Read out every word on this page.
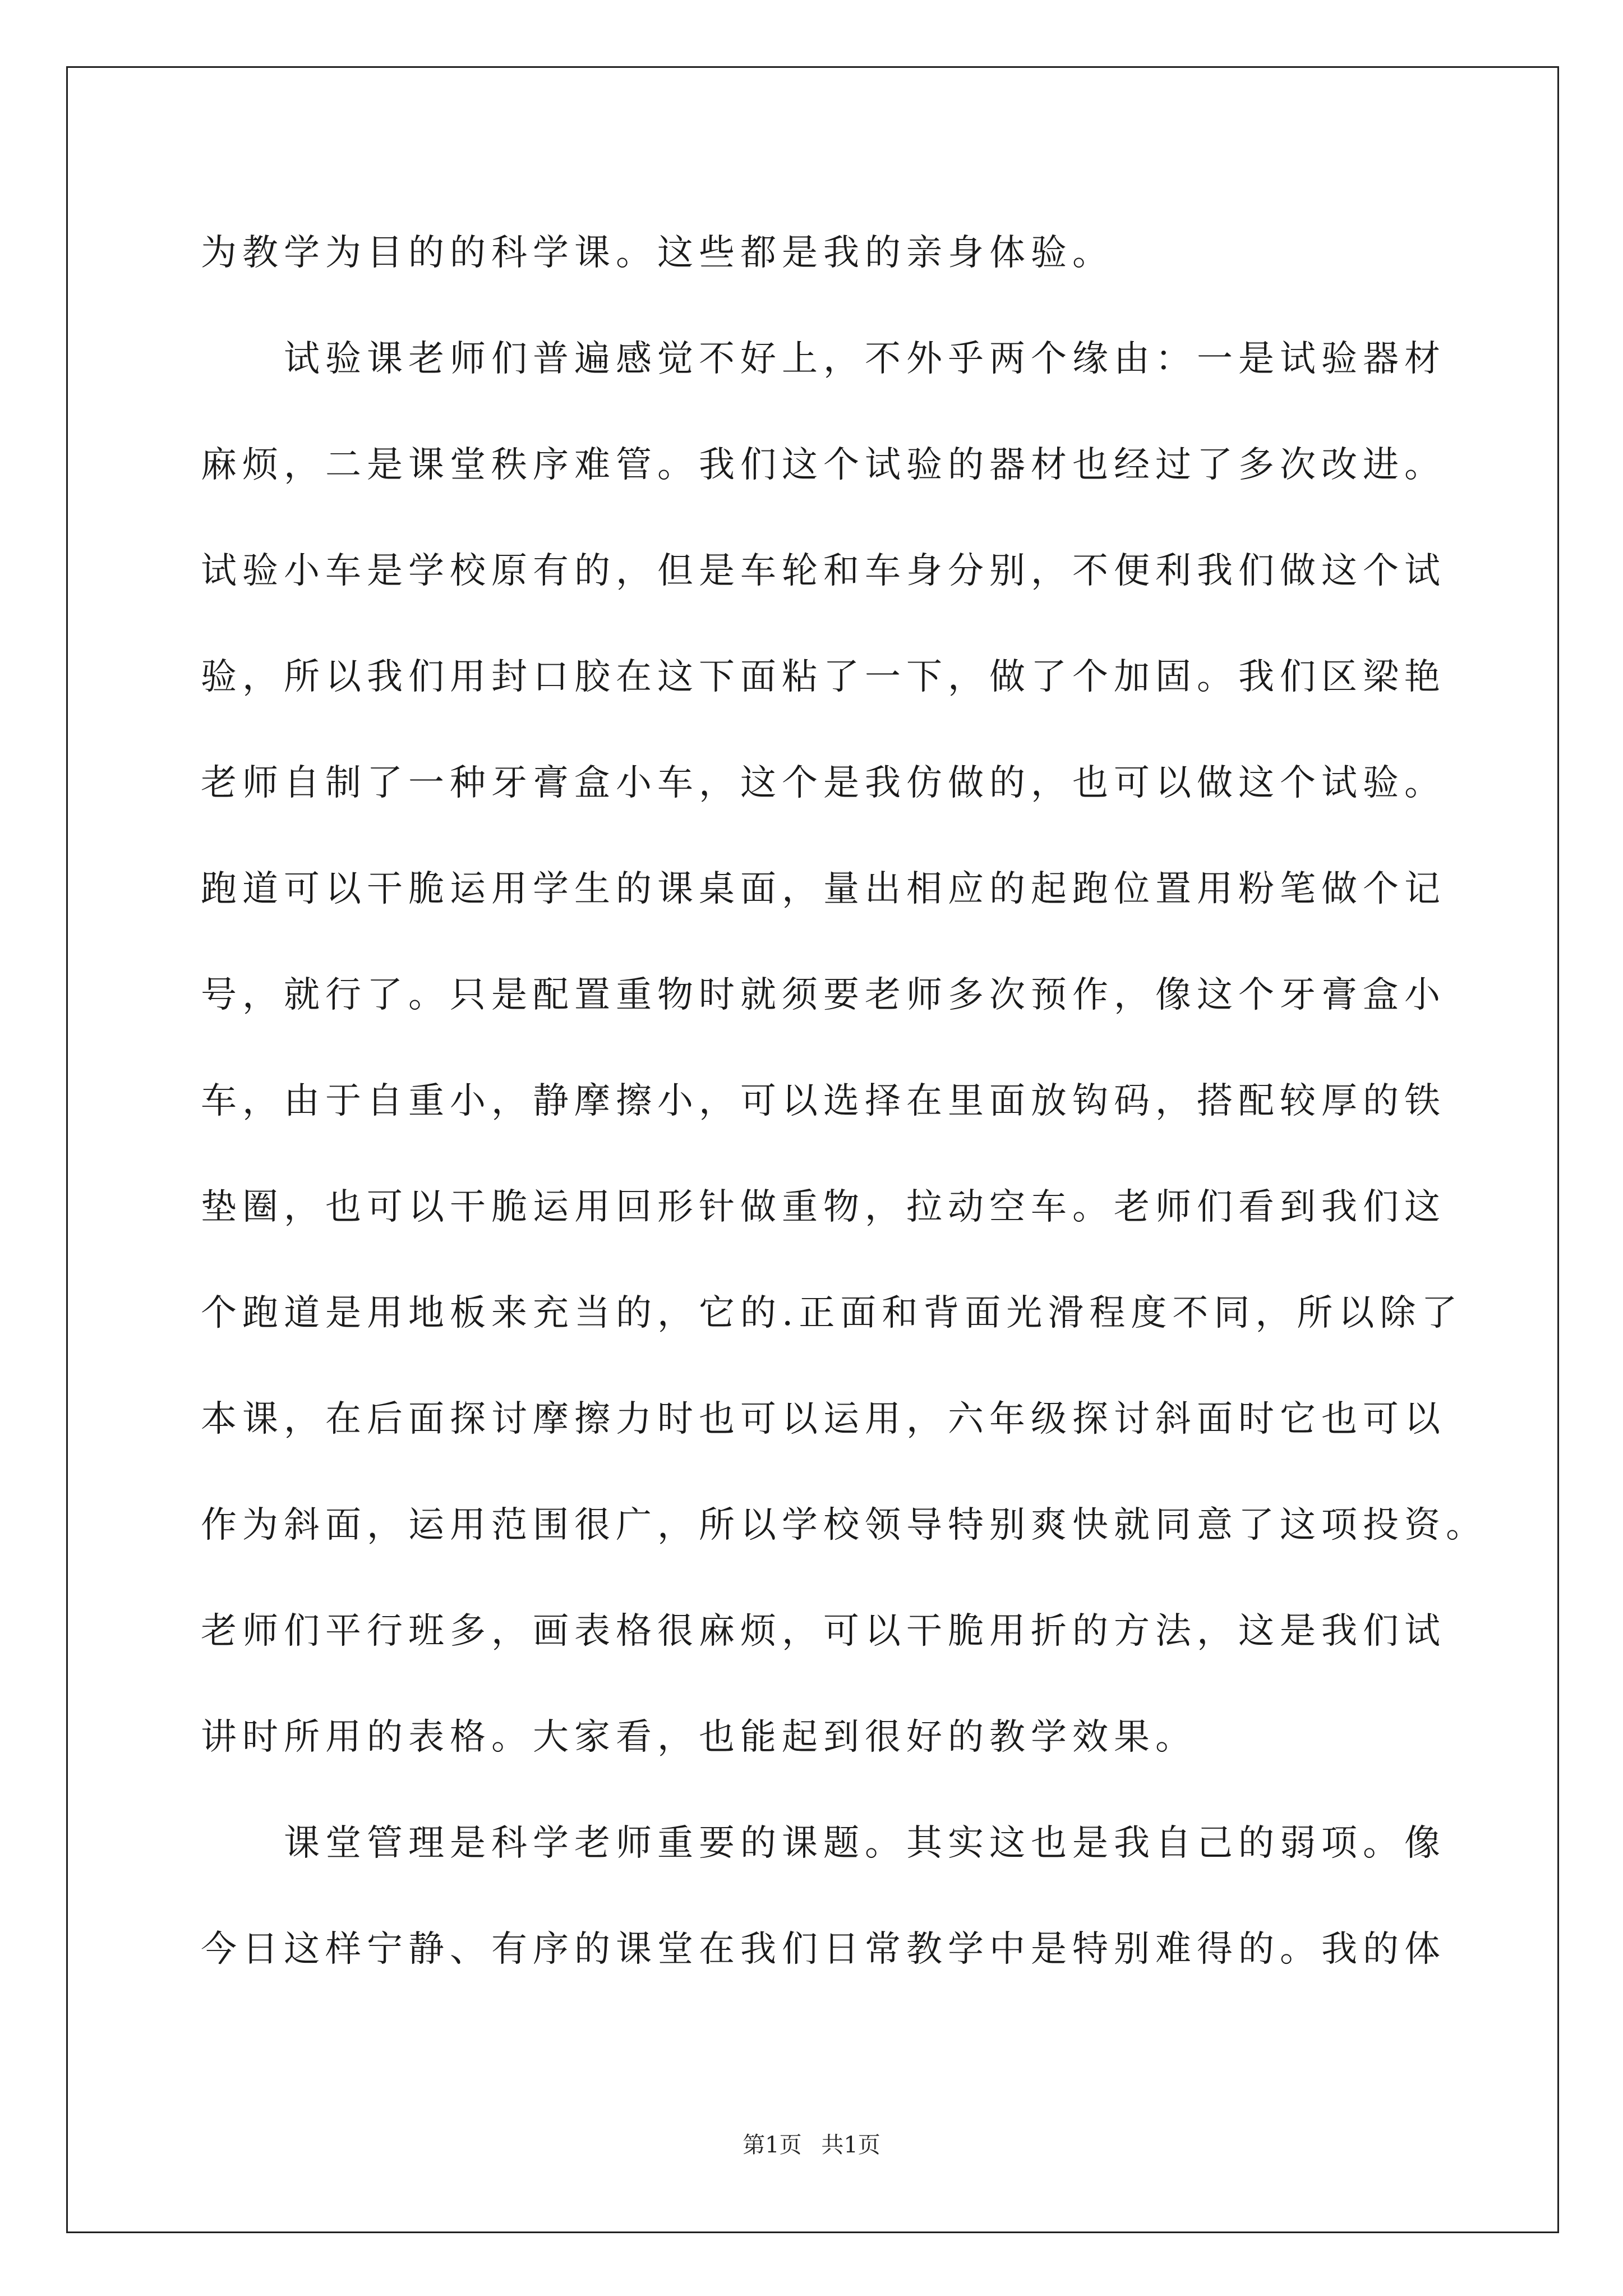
为教学为目的的科学课。这些都是我的亲身体验。
试验课老师们普遍感觉不好上，不外乎两个缘由：一是试验器材
麻烦，二是课堂秩序难管。我们这个试验的器材也经过了多次改进。
试验小车是学校原有的，但是车轮和车身分别，不便利我们做这个试
验，所以我们用封口胶在这下面粘了一下，做了个加固。我们区梁艳
老师自制了一种牙膏盒小车，这个是我仿做的，也可以做这个试验。
跑道可以干脆运用学生的课桌面，量出相应的起跑位置用粉笔做个记
号，就行了。只是配置重物时就须要老师多次预作，像这个牙膏盒小
车，由于自重小，静摩擦小，可以选择在里面放钩码，搭配较厚的铁
垫圈，也可以干脆运用回形针做重物，拉动空车。老师们看到我们这
个跑道是用地板来充当的，它的.正面和背面光滑程度不同，所以除了
本课，在后面探讨摩擦力时也可以运用，六年级探讨斜面时它也可以
作为斜面，运用范围很广，所以学校领导特别爽快就同意了这项投资。
老师们平行班多，画表格很麻烦，可以干脆用折的方法，这是我们试
讲时所用的表格。大家看，也能起到很好的教学效果。
课堂管理是科学老师重要的课题。其实这也是我自己的弱项。像
今日这样宁静、有序的课堂在我们日常教学中是特别难得的。我的体
第1页 共1页
